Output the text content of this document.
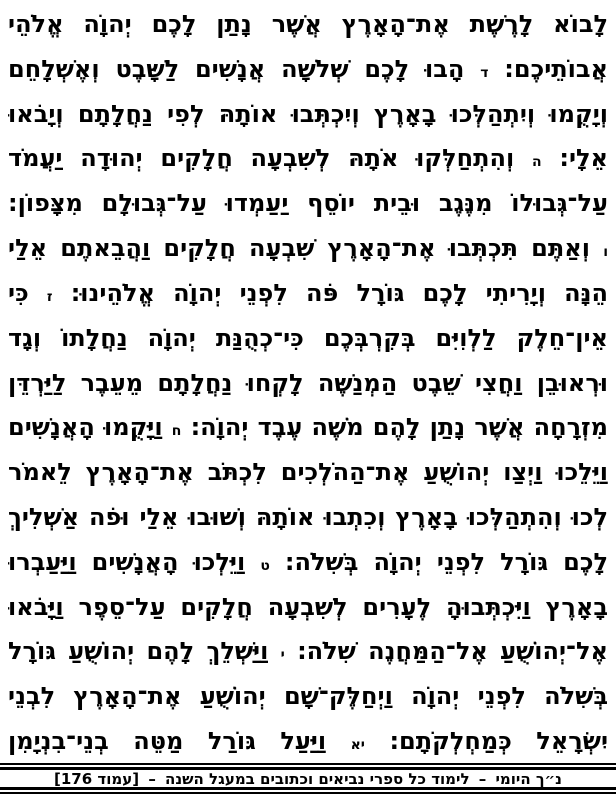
לָבוֹא לָרֶשֶׁת אֶת־הָאָרֶץ אֲשֶׁר נָתַן לָכֶם יְהוָֹה אֱלֹהֵי
אֲבוֹתֵיכֶם: ד הָבוּ לָכֶם שְׁלֹשָׁה אֲנָשִׁים לַשָּׁבֶט וְאֶשְׁלָחֵם
וְיָקֻמוּ וְיִתְהַלְּכוּ בָאָרֶץ וְיִכְתְּבוּ אוֹתָהּ לְפִי נַחֲלָתָם וְיָבֹאוּ
אֵלָי: ה וְהִתְחַלְּקוּ אֹתָהּ לְשִׁבְעָה חֲלָקִים יְהוּדָה יַעֲמֹד
עַל־גְּבוּלוֹ מִנֶּגֶב וּבֵית יוֹסֵף יַעַמְדוּ עַל־גְּבוּלָם מִצָּפוֹן:
ו וְאַתֶּם תִּכְתְּבוּ אֶת־הָאָרֶץ שִׁבְעָה חֲלָקִים וַהֲבֵאתֶם אֵלַי
הֵנָּה וְיָרִיתִי לָכֶם גּוֹרָל פֹּה לִפְנֵי יְהוָֹה אֱלֹהֵינוּ: ז כִּי
אֵין־חֵלֶק לַלְוִיִּם בְּקִרְבְּכֶם כִּי־כְהֻנַּת יְהוָֹה נַחֲלָתוֹ וְגָד
וּרְאוּבֵן וַחֲצִי שֵׁבֶט הַמְנַשֶּׁה לָקְחוּ נַחֲלָתָם מֵעֵבֶר לַיַּרְדֵּן
מִזְרָחָה אֲשֶׁר נָתַן לָהֶם מֹשֶׁה עֶבֶד יְהוָֹה: ח וַיָּקֻמוּ הָאֲנָשִׁים
וַיֵּלֵכוּ וַיְצַו יְהוֹשֻׁעַ אֶת־הַהֹלְכִים לִכְתֹּב אֶת־הָאָרֶץ לֵאמֹר
לְכוּ וְהִתְהַלְּכוּ בָאָרֶץ וְכִתְבוּ אוֹתָהּ וְשׁוּבוּ אֵלַי וּפֹה אַשְׁלִיךְ
לָכֶם גּוֹרָל לִפְנֵי יְהוָֹה בְּשִׁלֹה: ט וַיֵּלְכוּ הָאֲנָשִׁים וַיַּעַבְרוּ
בָאָרֶץ וַיִּכְתְּבוּהָ לֶעָרִים לְשִׁבְעָה חֲלָקִים עַל־סֵפֶר וַיָּבֹאוּ
אֶל־יְהוֹשֻׁעַ אֶל־הַמַּחֲנֶה שִׁלֹה: י וַיַּשְׁלֵךְ לָהֶם יְהוֹשֻׁעַ גּוֹרָל
בְּשִׁלֹה לִפְנֵי יְהוָֹה וַיְחַלֶּק־שָׁם יְהוֹשֻׁעַ אֶת־הָאָרֶץ לִבְנֵי
יִשְׂרָאֵל כְּמַחְלְקֹתָם: יא וַיַּעַל גּוֹרַל מַטֵּה בְנֵי־בִנְיָמִן
נ״ך היומי – לימוד כל ספרי נביאים וכתובים במעגל השנה – [עמוד 176]
